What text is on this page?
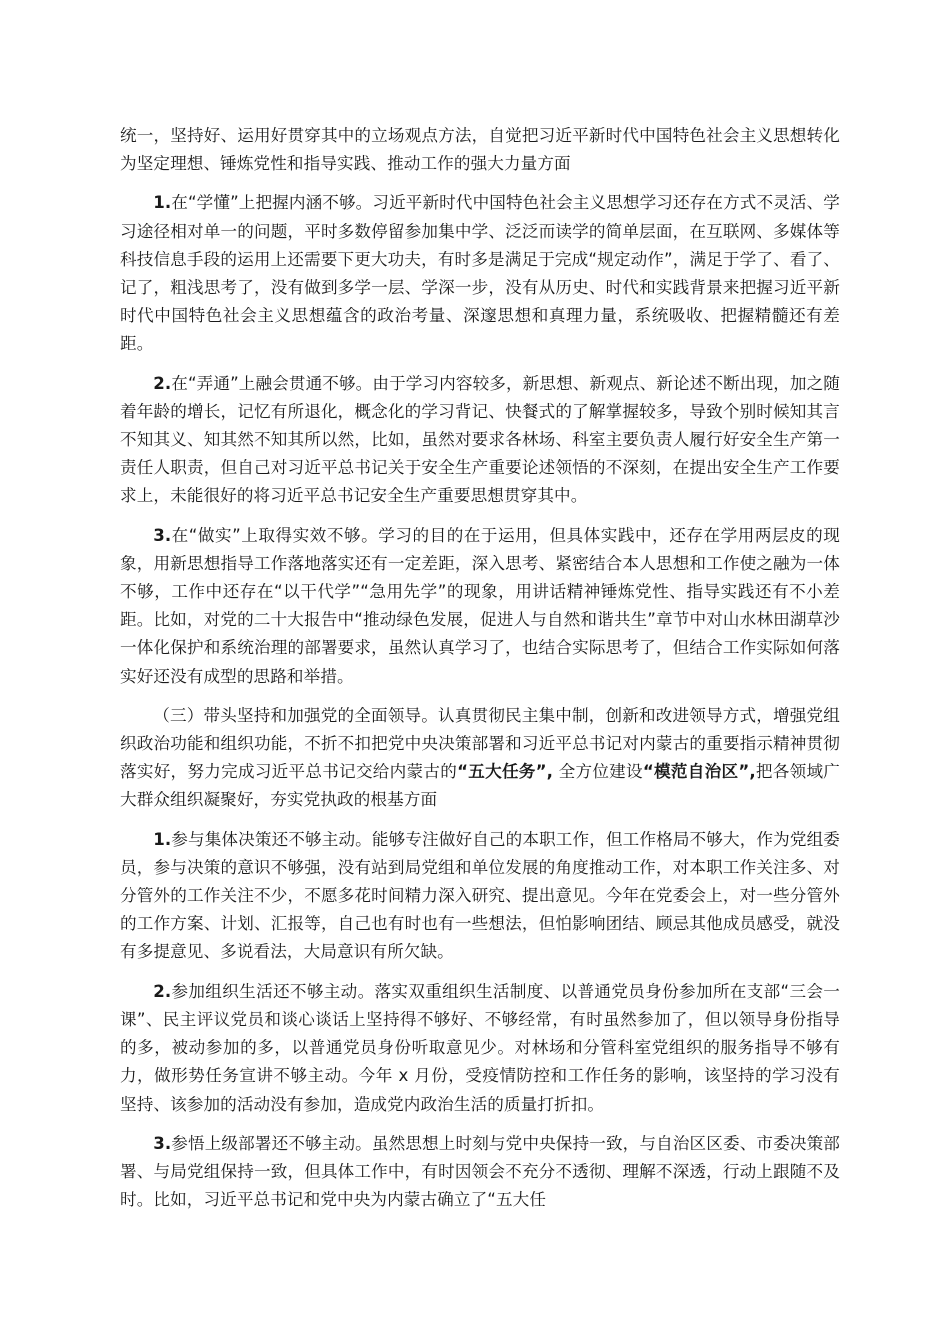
统一，坚持好、运用好贯穿其中的立场观点方法，自觉把习近平新时代中国特色社会主义思想转化为坚定理想、锤炼党性和指导实践、推动工作的强大力量方面

1.在“学懂”上把握内涵不够。习近平新时代中国特色社会主义思想学习还存在方式不灵活、学习途径相对单一的问题，平时多数停留参加集中学、泛泛而读学的简单层面，在互联网、多媒体等科技信息手段的运用上还需要下更大功夫，有时多是满足于完成“规定动作”，满足于学了、看了、记了，粗浅思考了，没有做到多学一层、学深一步，没有从历史、时代和实践背景来把握习近平新时代中国特色社会主义思想蕴含的政治考量、深邃思想和真理力量，系统吸收、把握精髓还有差距。

2.在“弄通”上融会贯通不够。由于学习内容较多，新思想、新观点、新论述不断出现，加之随着年龄的增长，记忆有所退化，概念化的学习背记、快餐式的了解掌握较多，导致个别时候知其言不知其义、知其然不知其所以然，比如，虽然对要求各林场、科室主要负责人履行好安全生产第一责任人职责，但自己对习近平总书记关于安全生产重要论述领悟的不深刻，在提出安全生产工作要求上，未能很好的将习近平总书记安全生产重要思想贯穿其中。

3.在“做实”上取得实效不够。学习的目的在于运用，但具体实践中，还存在学用两层皮的现象，用新思想指导工作落地落实还有一定差距，深入思考、紧密结合本人思想和工作使之融为一体不够，工作中还存在“以干代学”“急用先学”的现象，用讲话精神锤炼党性、指导实践还有不小差距。比如，对党的二十大报告中“推动绿色发展，促进人与自然和谐共生”章节中对山水林田湖草沙一体化保护和系统治理的部署要求，虽然认真学习了，也结合实际思考了，但结合工作实际如何落实好还没有成型的思路和举措。

（三）带头坚持和加强党的全面领导。认真贯彻民主集中制，创新和改进领导方式，增强党组织政治功能和组织功能，不折不扣把党中央决策部署和习近平总书记对内蒙古的重要指示精神贯彻落实好，努力完成习近平总书记交给内蒙古的“五大任务”, 全方位建设“模范自治区”,把各领域广大群众组织凝聚好，夯实党执政的根基方面

1.参与集体决策还不够主动。能够专注做好自己的本职工作，但工作格局不够大，作为党组委员，参与决策的意识不够强，没有站到局党组和单位发展的角度推动工作，对本职工作关注多、对分管外的工作关注不少，不愿多花时间精力深入研究、提出意见。今年在党委会上，对一些分管外的工作方案、计划、汇报等，自己也有时也有一些想法，但怕影响团结、顾忌其他成员感受，就没有多提意见、多说看法，大局意识有所欠缺。

2.参加组织生活还不够主动。落实双重组织生活制度、以普通党员身份参加所在支部“三会一课”、民主评议党员和谈心谈话上坚持得不够好、不够经常，有时虽然参加了，但以领导身份指导的多，被动参加的多，以普通党员身份听取意见少。对林场和分管科室党组织的服务指导不够有力，做形势任务宣讲不够主动。今年 x 月份，受疫情防控和工作任务的影响，该坚持的学习没有坚持、该参加的活动没有参加，造成党内政治生活的质量打折扣。

3.参悟上级部署还不够主动。虽然思想上时刻与党中央保持一致，与自治区区委、市委决策部署、与局党组保持一致，但具体工作中，有时因领会不充分不透彻、理解不深透，行动上跟随不及时。比如，习近平总书记和党中央为内蒙古确立了“五大任
